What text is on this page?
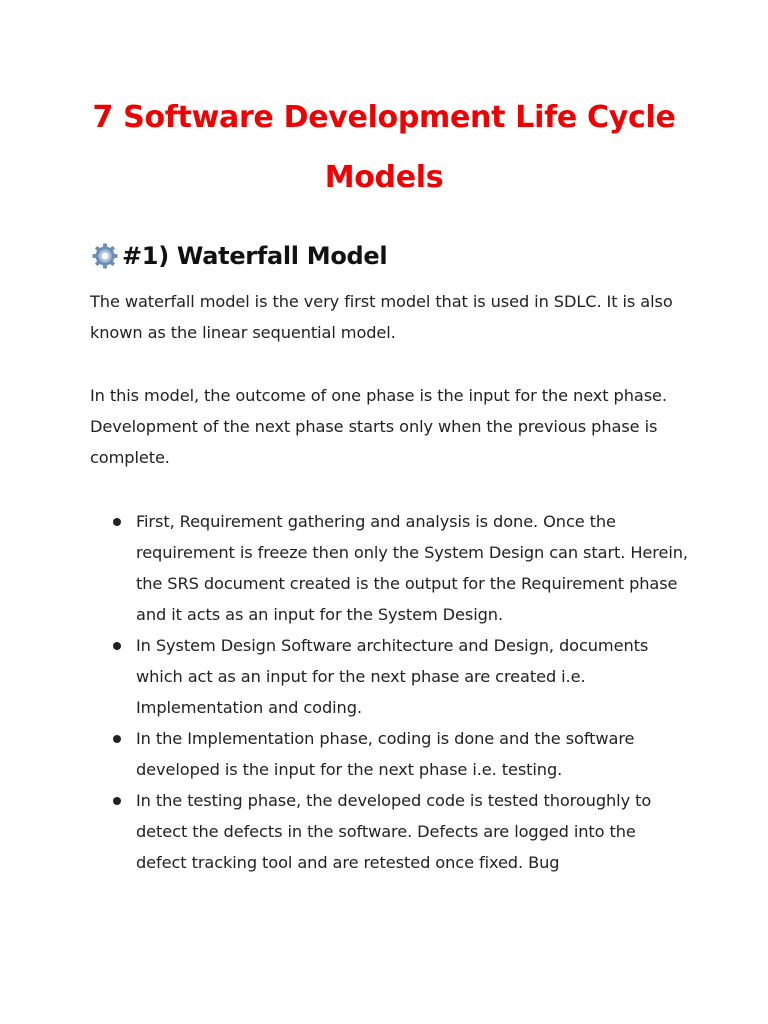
7 Software Development Life Cycle Models
#1) Waterfall Model

The waterfall model is the very first model that is used in SDLC. It is also known as the linear sequential model.

In this model, the outcome of one phase is the input for the next phase. Development of the next phase starts only when the previous phase is complete.

First, Requirement gathering and analysis is done. Once the requirement is freeze then only the System Design can start. Herein, the SRS document created is the output for the Requirement phase and it acts as an input for the System Design.
In System Design Software architecture and Design, documents which act as an input for the next phase are created i.e. Implementation and coding.
In the Implementation phase, coding is done and the software developed is the input for the next phase i.e. testing.
In the testing phase, the developed code is tested thoroughly to detect the defects in the software. Defects are logged into the defect tracking tool and are retested once fixed. Bug
